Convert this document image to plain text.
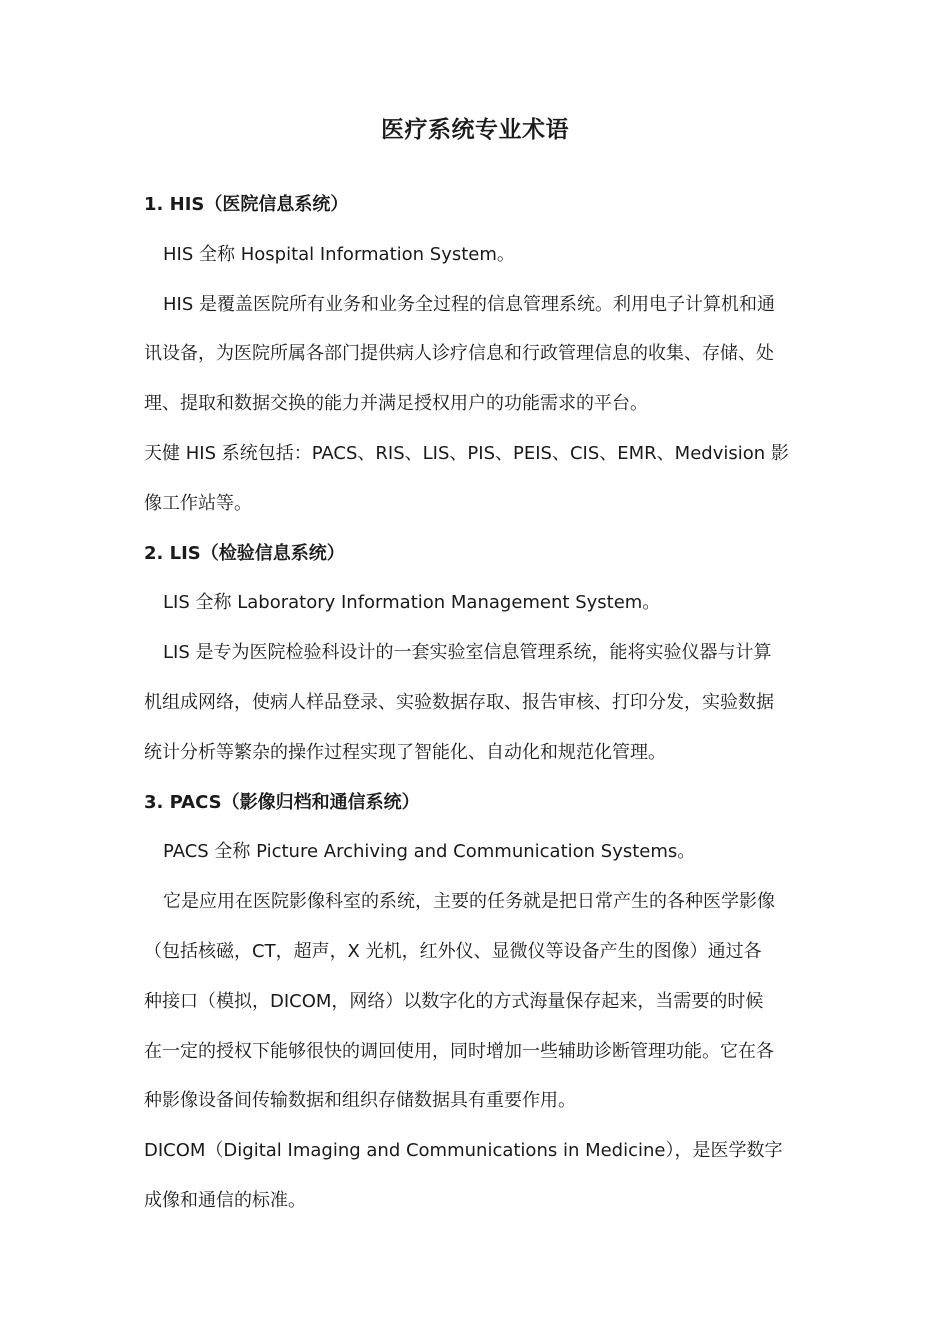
医疗系统专业术语

1. HIS（医院信息系统）

HIS 全称 Hospital Information System。

HIS 是覆盖医院所有业务和业务全过程的信息管理系统。利用电子计算机和通
讯设备，为医院所属各部门提供病人诊疗信息和行政管理信息的收集、存储、处
理、提取和数据交换的能力并满足授权用户的功能需求的平台。

天健 HIS 系统包括：PACS、RIS、LIS、PIS、PEIS、CIS、EMR、Medvision 影
像工作站等。

2. LIS（检验信息系统）

LIS 全称 Laboratory Information Management System。

LIS 是专为医院检验科设计的一套实验室信息管理系统，能将实验仪器与计算
机组成网络，使病人样品登录、实验数据存取、报告审核、打印分发，实验数据
统计分析等繁杂的操作过程实现了智能化、自动化和规范化管理。

3. PACS（影像归档和通信系统）

PACS 全称 Picture Archiving and Communication Systems。

它是应用在医院影像科室的系统，主要的任务就是把日常产生的各种医学影像
（包括核磁，CT，超声，X 光机，红外仪、显微仪等设备产生的图像）通过各
种接口（模拟，DICOM，网络）以数字化的方式海量保存起来，当需要的时候
在一定的授权下能够很快的调回使用，同时增加一些辅助诊断管理功能。它在各
种影像设备间传输数据和组织存储数据具有重要作用。

DICOM（Digital Imaging and Communications in Medicine），是医学数字
成像和通信的标准。
